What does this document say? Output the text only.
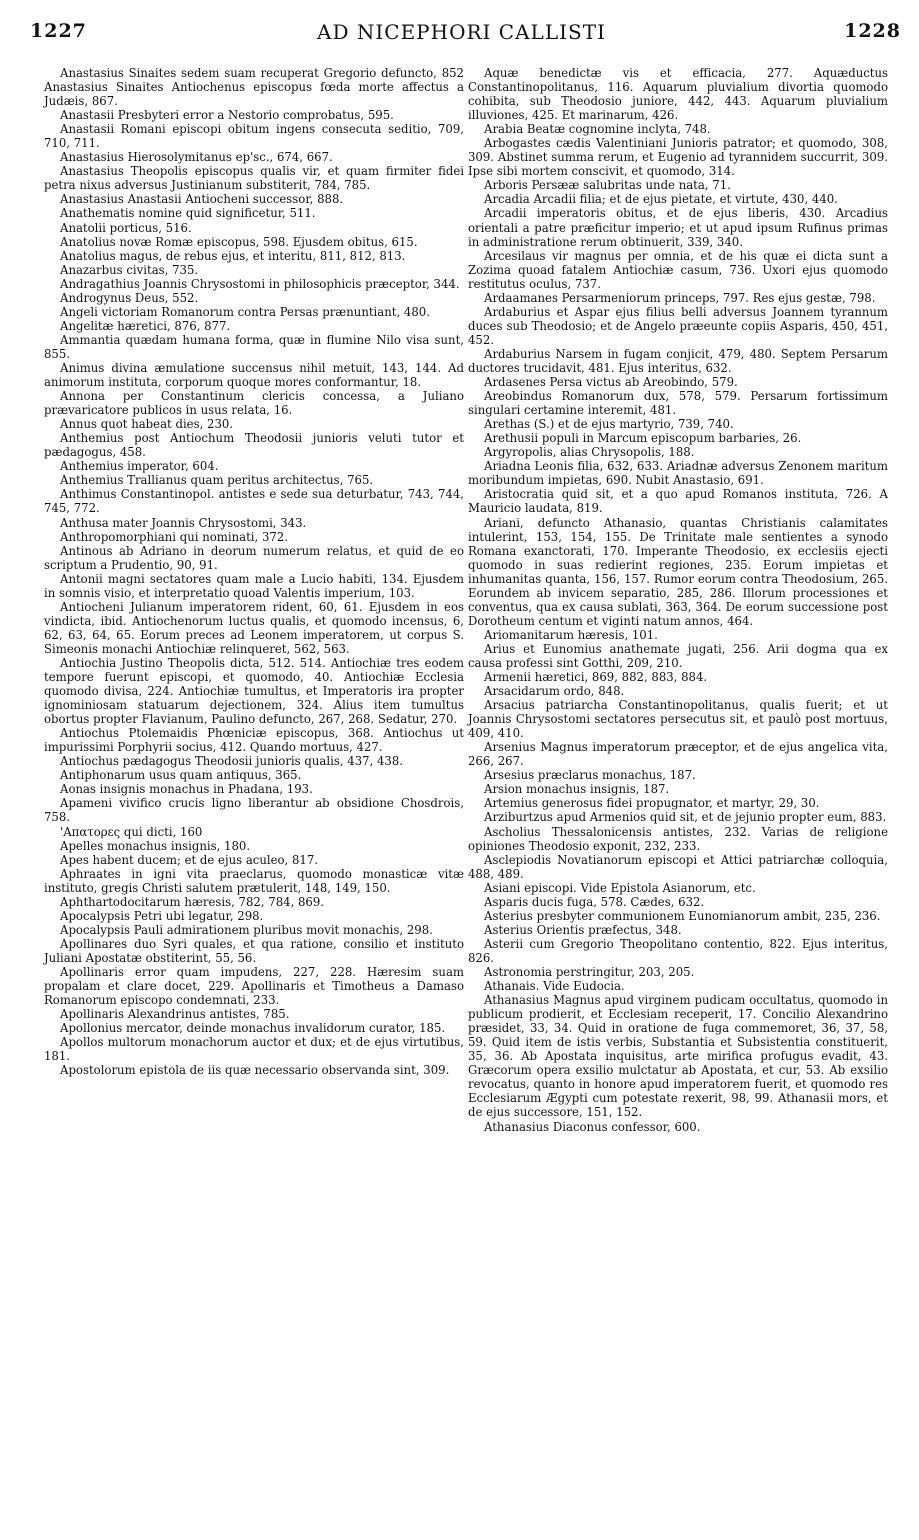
1227	AD NICEPHORI CALLISTI	1228

Anastasius Sinaites sedem suam recuperat Gregorio defuncto, 852 Anastasius Sinaites Antiochenus episcopus fœda morte affectus a Judæis, 867.

Anastasii Presbyteri error a Nestorio comprobatus, 595.

Anastasii Romani episcopi obitum ingens consecuta seditio, 709, 710, 711.

Anastasius Hierosolymitanus ep'sc., 674, 667.

Anastasius Theopolis episcopus qualis vir, et quam firmiter fidei petra nixus adversus Justinianum substiterit, 784, 785.

Anastasius Anastasii Antiocheni successor, 888.

Anathematis nomine quid significetur, 511.

Anatolii porticus, 516.

Anatolius novæ Romæ episcopus, 598. Ejusdem obitus, 615.

Anatolius magus, de rebus ejus, et interitu, 811, 812, 813.

Anazarbus civitas, 735.

Andragathius Joannis Chrysostomi in philosophicis præceptor, 344.

Androgynus Deus, 552.

Angeli victoriam Romanorum contra Persas prænuntiant, 480.

Angelitæ hæretici, 876, 877.

Ammantia quædam humana forma, quæ in flumine Nilo visa sunt, 855.

Animus divina æmulatione succensus nihil metuit, 143, 144. Ad animorum instituta, corporum quoque mores conformantur, 18.

Annona per Constantinum clericis concessa, a Juliano prævaricatore publicos in usus relata, 16.

Annus quot habeat dies, 230.

Anthemius post Antiochum Theodosii junioris veluti tutor et pædagogus, 458.

Anthemius imperator, 604.

Anthemius Trallianus quam peritus architectus, 765.

Anthimus Constantinopol. antistes e sede sua deturbatur, 743, 744, 745, 772.

Anthusa mater Joannis Chrysostomi, 343.

Anthropomorphiani qui nominati, 372.

Antinous ab Adriano in deorum numerum relatus, et quid de eo scriptum a Prudentio, 90, 91.

Antonii magni sectatores quam male a Lucio habiti, 134. Ejusdem in somnis visio, et interpretatio quoad Valentis imperium, 103.

Antiocheni Julianum imperatorem rident, 60, 61. Ejusdem in eos vindicta, ibid. Antiochenorum luctus qualis, et quomodo incensus, 6, 62, 63, 64, 65. Eorum preces ad Leonem imperatorem, ut corpus S. Simeonis monachi Antiochiæ relinqueret, 562, 563.

Antiochia Justino Theopolis dicta, 512. 514. Antiochiæ tres eodem tempore fuerunt episcopi, et quomodo, 40. Antiochiæ Ecclesia quomodo divisa, 224. Antiochiæ tumultus, et Imperatoris ira propter ignominiosam statuarum dejectionem, 324. Alius item tumultus obortus propter Flavianum, Paulino defuncto, 267, 268. Sedatur, 270.

Antiochus Ptolemaidis Phœniciæ episcopus, 368. Antiochus ut impurissimi Porphyrii socius, 412. Quando mortuus, 427.

Antiochus pædagogus Theodosii junioris qualis, 437, 438.

Antiphonarum usus quam antiquus, 365.

Aonas insignis monachus in Phadana, 193.

Apameni vivifico crucis ligno liberantur ab obsidione Chosdrois, 758.

'Απατορες qui dicti, 160

Apelles monachus insignis, 180.

Apes habent ducem; et de ejus aculeo, 817.

Aphraates in igni vita praeclarus, quomodo monasticæ vitæ instituto, gregis Christi salutem prætulerit, 148, 149, 150.

Aphthartodocitarum hæresis, 782, 784, 869.

Apocalypsis Petri ubi legatur, 298.

Apocalypsis Pauli admirationem pluribus movit monachis, 298.

Apollinares duo Syri quales, et qua ratione, consilio et instituto Juliani Apostatæ obstiterint, 55, 56.

Apollinaris error quam impudens, 227, 228. Hæresim suam propalam et clare docet, 229. Apollinaris et Timotheus a Damaso Romanorum episcopo condemnati, 233.

Apollinaris Alexandrinus antistes, 785.

Apollonius mercator, deinde monachus invalidorum curator, 185.

Apollos multorum monachorum auctor et dux; et de ejus virtutibus, 181.

Apostolorum epistola de iis quæ necessario observanda sint, 309.

Aquæ benedictæ vis et efficacia, 277. Aquæductus Constantinopolitanus, 116. Aquarum pluvialium divortia quomodo cohibita, sub Theodosio juniore, 442, 443. Aquarum pluvialium illuviones, 425. Et marinarum, 426.

Arabia Beatæ cognomine inclyta, 748.

Arbogastes cædis Valentiniani Junioris patrator; et quomodo, 308, 309. Abstinet summa rerum, et Eugenio ad tyrannidem succurrit, 309. Ipse sibi mortem conscivit, et quomodo, 314.

Arboris Persææ salubritas unde nata, 71.

Arcadia Arcadii filia; et de ejus pietate, et virtute, 430, 440.

Arcadii imperatoris obitus, et de ejus liberis, 430. Arcadius orientali a patre præficitur imperio; et ut apud ipsum Rufinus primas in administratione rerum obtinuerit, 339, 340.

Arcesilaus vir magnus per omnia, et de his quæ ei dicta sunt a Zozima quoad fatalem Antiochiæ casum, 736. Uxori ejus quomodo restitutus oculus, 737.

Ardaamanes Persarmeniorum princeps, 797. Res ejus gestæ, 798.

Ardaburius et Aspar ejus filius belli adversus Joannem tyrannum duces sub Theodosio; et de Angelo præeunte copiis Asparis, 450, 451, 452.

Ardaburius Narsem in fugam conjicit, 479, 480. Septem Persarum ductores trucidavit, 481. Ejus interitus, 632.

Ardasenes Persa victus ab Areobindo, 579.

Areobindus Romanorum dux, 578, 579. Persarum fortissimum singulari certamine interemit, 481.

Arethas (S.) et de ejus martyrio, 739, 740.

Arethusii populi in Marcum episcopum barbaries, 26.

Argyropolis, alias Chrysopolis, 188.

Ariadna Leonis filia, 632, 633. Ariadnæ adversus Zenonem maritum moribundum impietas, 690. Nubit Anastasio, 691.

Aristocratia quid sit, et a quo apud Romanos instituta, 726. A Mauricio laudata, 819.

Ariani, defuncto Athanasio, quantas Christianis calamitates intulerint, 153, 154, 155. De Trinitate male sentientes a synodo Romana exanctorati, 170. Imperante Theodosio, ex ecclesiis ejecti quomodo in suas redierint regiones, 235. Eorum impietas et inhumanitas quanta, 156, 157. Rumor eorum contra Theodosium, 265. Eorundem ab invicem separatio, 285, 286. Illorum processiones et conventus, qua ex causa sublati, 363, 364. De eorum successione post Dorotheum centum et viginti natum annos, 464.

Ariomanitarum hæresis, 101.

Arius et Eunomius anathemate jugati, 256. Arii dogma qua ex causa professi sint Gotthi, 209, 210.

Armenii hæretici, 869, 882, 883, 884.

Arsacidarum ordo, 848.

Arsacius patriarcha Constantinopolitanus, qualis fuerit; et ut Joannis Chrysostomi sectatores persecutus sit, et paulò post mortuus, 409, 410.

Arsenius Magnus imperatorum præceptor, et de ejus angelica vita, 266, 267.

Arsesius præclarus monachus, 187.

Arsion monachus insignis, 187.

Artemius generosus fidei propugnator, et martyr, 29, 30.

Arziburtzus apud Armenios quid sit, et de jejunio propter eum, 883.

Ascholius Thessalonicensis antistes, 232. Varias de religione opiniones Theodosio exponit, 232, 233.

Asclepiodis Novatianorum episcopi et Attici patriarchæ colloquia, 488, 489.

Asiani episcopi. Vide Epistola Asianorum, etc.

Asparis ducis fuga, 578. Cædes, 632.

Asterius presbyter communionem Eunomianorum ambit, 235, 236.

Asterius Orientis præfectus, 348.

Asterii cum Gregorio Theopolitano contentio, 822. Ejus interitus, 826.

Astronomia perstringitur, 203, 205.

Athanais. Vide Eudocia.

Athanasius Magnus apud virginem pudicam occultatus, quomodo in publicum prodierit, et Ecclesiam receperit, 17. Concilio Alexandrino præsidet, 33, 34. Quid in oratione de fuga commemoret, 36, 37, 58, 59. Quid item de istis verbis, Substantia et Subsistentia constituerit, 35, 36. Ab Apostata inquisitus, arte mirifica profugus evadit, 43. Græcorum opera exsilio mulctatur ab Apostata, et cur, 53. Ab exsilio revocatus, quanto in honore apud imperatorem fuerit, et quomodo res Ecclesiarum Ægypti cum potestate rexerit, 98, 99. Athanasii mors, et de ejus successore, 151, 152.

Athanasius Diaconus confessor, 600.
